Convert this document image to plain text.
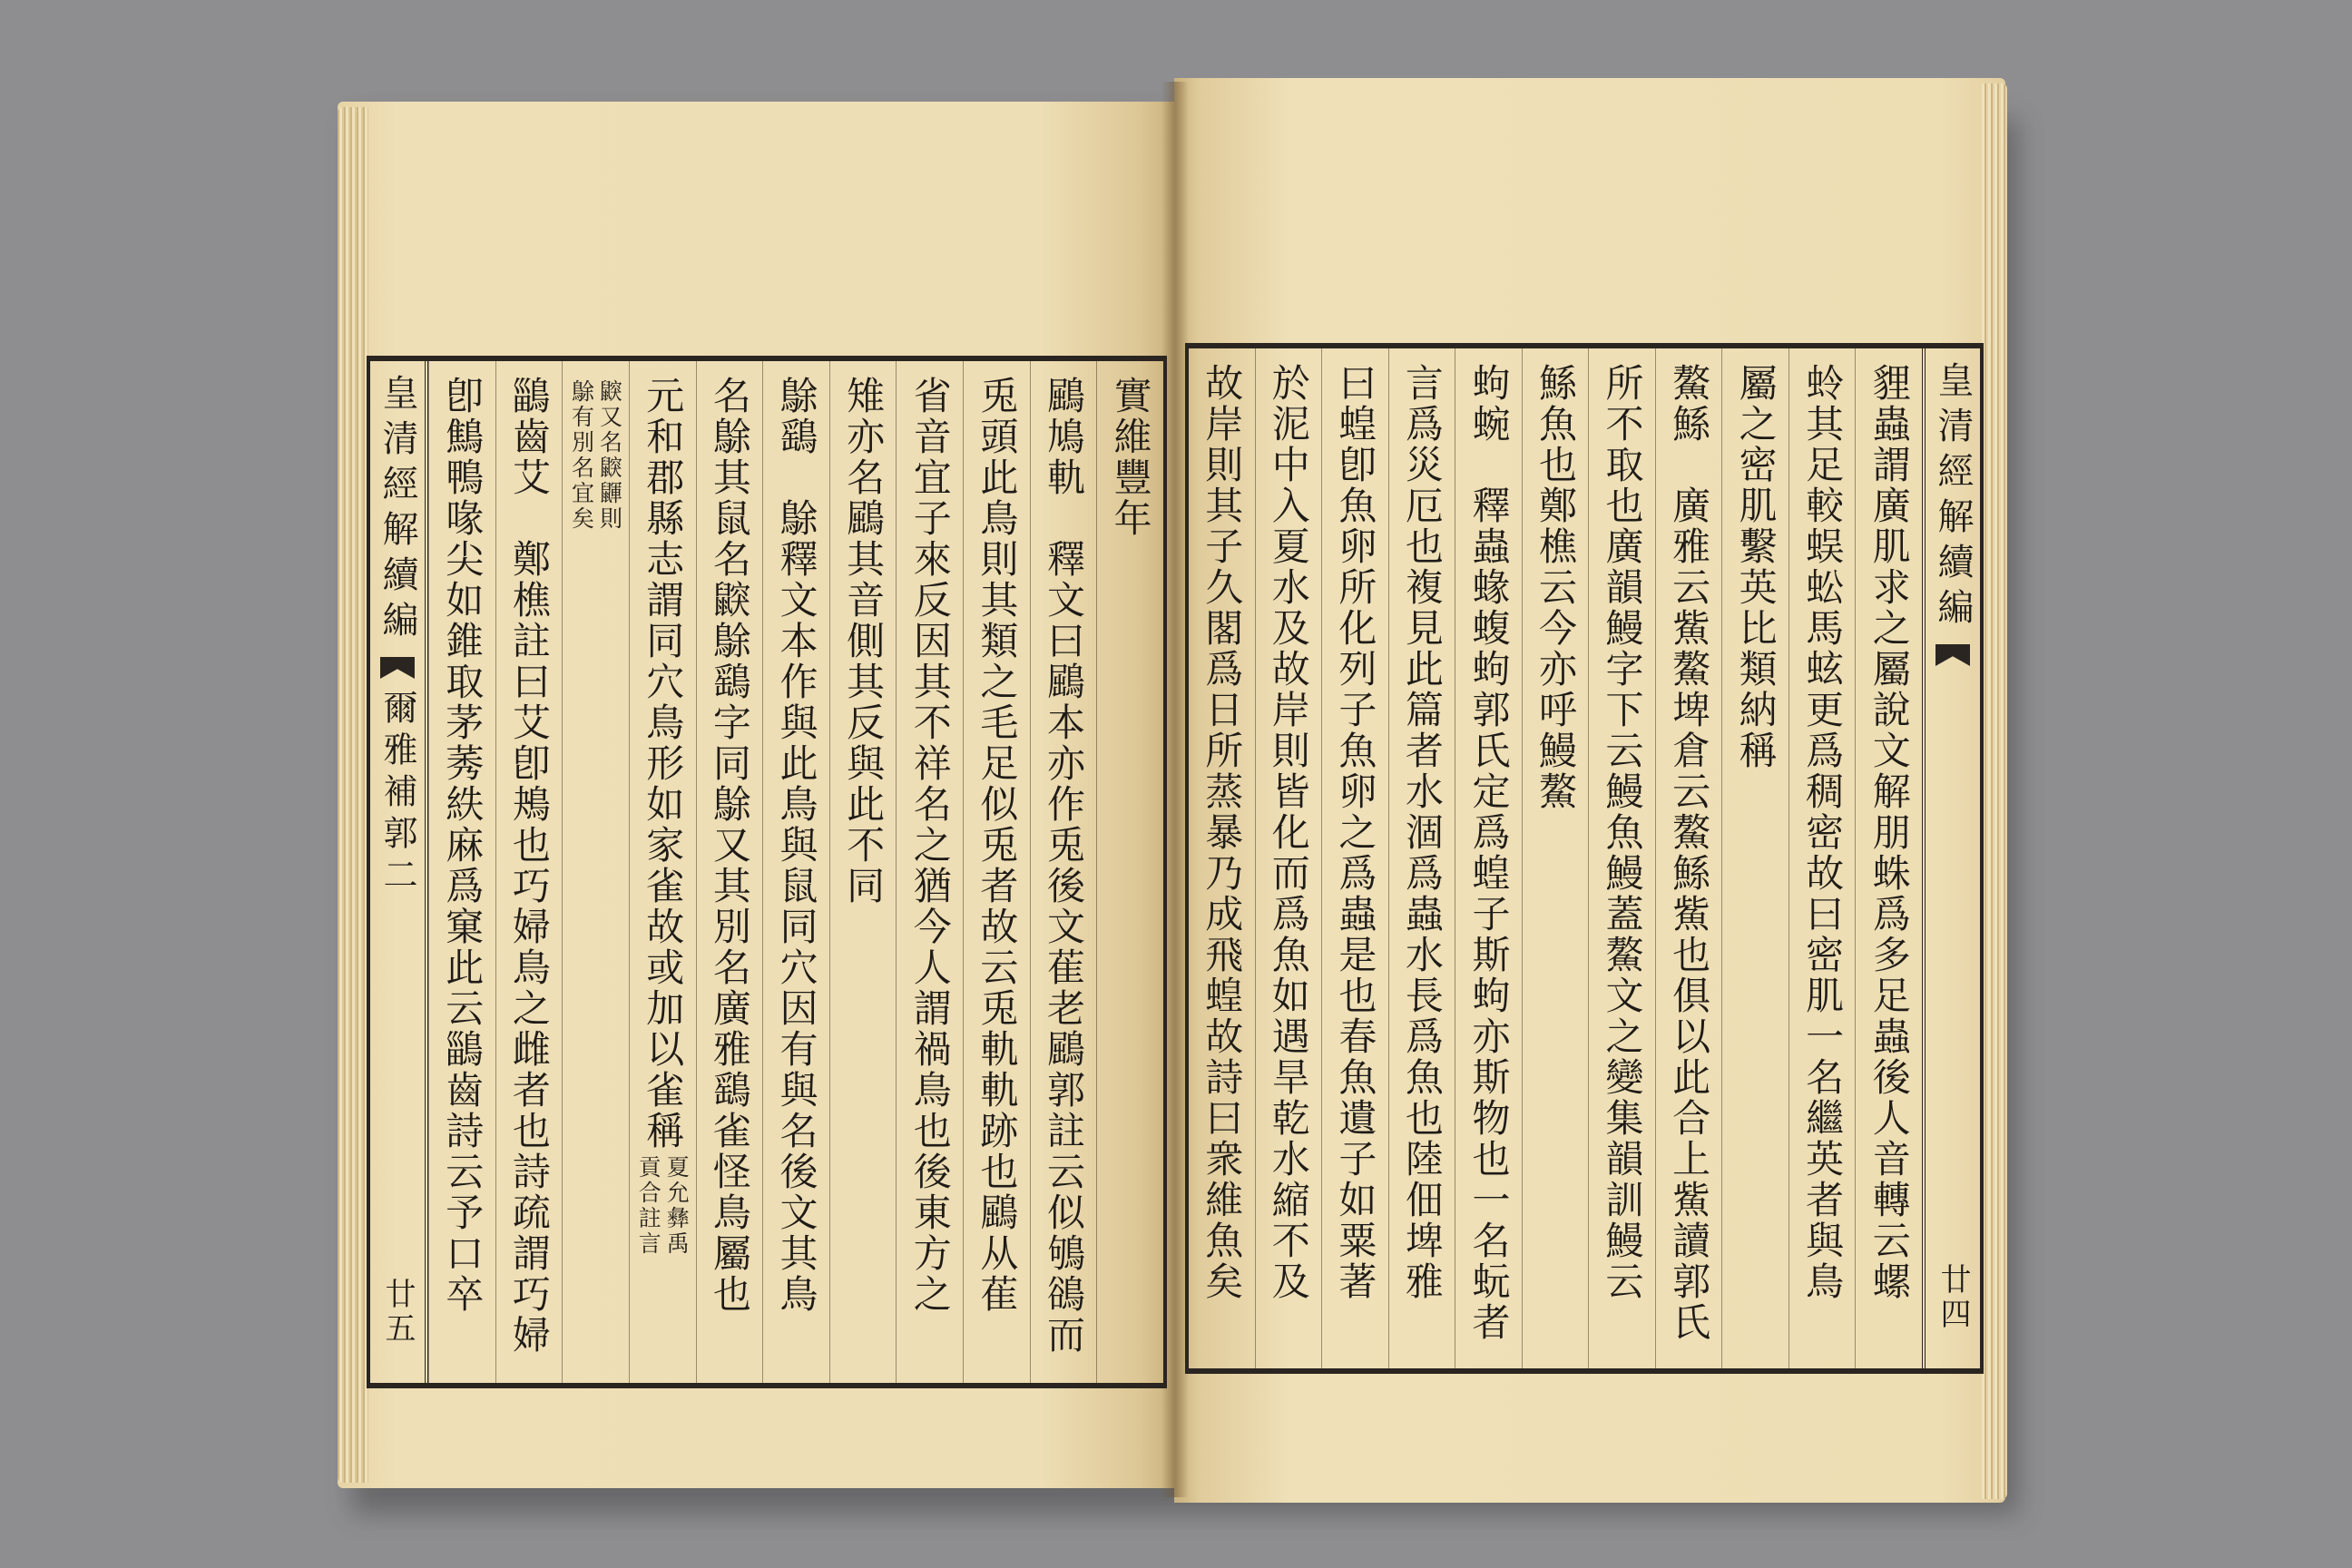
實維豐年
鶌鳩軌　釋文曰鶌本亦作兎後文萑老鶌郭註云似鴝鵒而
兎頭此鳥則其類之毛足似兎者故云兎軌軌跡也鶌从萑
省音宜子來反因其不祥名之猶今人謂禍鳥也後東方之
雉亦名鶌其音側其反與此不同
鵌鷂　鵌釋文本作與此鳥與鼠同穴因有與名後文其鳥
名鵌其鼠名鼵鵌鷂字同鵌又其別名廣雅鷂雀怪鳥屬也
元和郡縣志謂同穴鳥形如家雀故或加以雀稱
夏允彝禹
貢合註言
鼵又名鼵鼲則
鵌有別名宜矣
鶅齒艾　鄭樵註曰艾卽鴂也巧婦鳥之雌者也詩疏謂巧婦
卽鷦鴨喙尖如錐取茅莠紩麻爲窠此云鶅齒詩云予口卒
皇清經解續編
爾雅補郭二
廿五
皇清經解續編
廿四
貍蟲謂廣肌求之屬說文解朋蛛爲多足蟲後人音轉云螺
蛉其足較蜈蚣馬蚿更爲稠密故曰密肌一名繼英者與鳥
屬之密肌繫英比類納稱
鰲鯀　廣雅云鮆鰲埤倉云鰲鯀鮆也俱以此合上鮆讀郭氏
所不取也廣韻鰻字下云鰻魚鰻蓋鰲文之變集韻訓鰻云
鯀魚也鄭樵云今亦呼鰻鰲
蚼蜿　釋蟲蝝蝮蚼郭氏定爲蝗子斯蚼亦斯物也一名蚖者
言爲災厄也複見此篇者水涸爲蟲水長爲魚也陸佃埤雅
曰蝗卽魚卵所化列子魚卵之爲蟲是也春魚遺子如粟著
於泥中入夏水及故岸則皆化而爲魚如遇旱乾水縮不及
故岸則其子久閣爲日所蒸暴乃成飛蝗故詩曰衆維魚矣
